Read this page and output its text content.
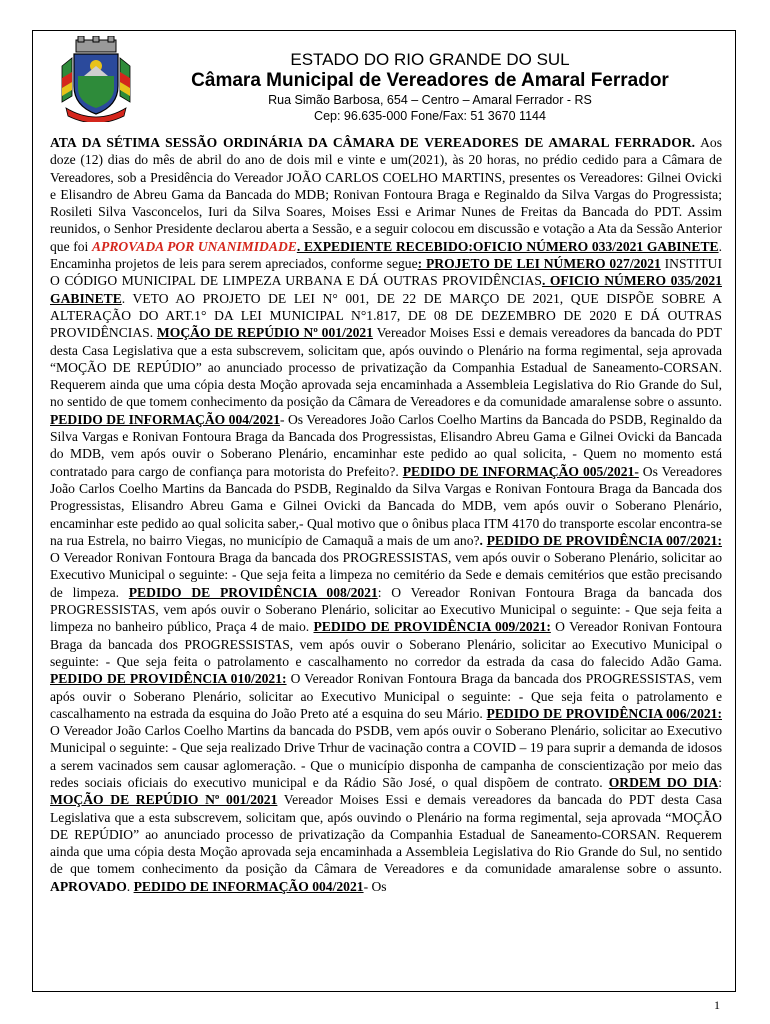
ESTADO DO RIO GRANDE DO SUL
Câmara Municipal de Vereadores de Amaral Ferrador
Rua Simão Barbosa, 654 – Centro – Amaral Ferrador - RS
Cep: 96.635-000 Fone/Fax: 51 3670 1144

ATA DA SÉTIMA SESSÃO ORDINÁRIA DA CÂMARA DE VEREADORES DE AMARAL FERRADOR. Aos doze (12) dias do mês de abril do ano de dois mil e vinte e um(2021), às 20 horas, no prédio cedido para a Câmara de Vereadores, sob a Presidência do Vereador JOÃO CARLOS COELHO MARTINS, presentes os Vereadores: Gilnei Ovicki e Elisandro de Abreu Gama da Bancada do MDB; Ronivan Fontoura Braga e Reginaldo da Silva Vargas do Progressista; Rosileti Silva Vasconcelos, Iuri da Silva Soares, Moises Essi e Arimar Nunes de Freitas da Bancada do PDT. Assim reunidos, o Senhor Presidente declarou aberta a Sessão, e a seguir colocou em discussão e votação a Ata da Sessão Anterior que foi APROVADA POR UNANIMIDADE. EXPEDIENTE RECEBIDO:OFICIO NÚMERO 033/2021 GABINETE. Encaminha projetos de leis para serem apreciados, conforme segue: PROJETO DE LEI NÚMERO 027/2021 INSTITUI O CÓDIGO MUNICIPAL DE LIMPEZA URBANA E DÁ OUTRAS PROVIDÊNCIAS. OFICIO NÚMERO 035/2021 GABINETE. VETO AO PROJETO DE LEI N° 001, DE 22 DE MARÇO DE 2021, QUE DISPÕE SOBRE A ALTERAÇÃO DO ART.1° DA LEI MUNICIPAL N°1.817, DE 08 DE DEZEMBRO DE 2020 E DÁ OUTRAS PROVIDÊNCIAS. MOÇÃO DE REPÚDIO Nº 001/2021 Vereador Moises Essi e demais vereadores da bancada do PDT desta Casa Legislativa que a esta subscrevem, solicitam que, após ouvindo o Plenário na forma regimental, seja aprovada “MOÇÃO DE REPÚDIO” ao anunciado processo de privatização da Companhia Estadual de Saneamento-CORSAN. Requerem ainda que uma cópia desta Moção aprovada seja encaminhada a Assembleia Legislativa do Rio Grande do Sul, no sentido de que tomem conhecimento da posição da Câmara de Vereadores e da comunidade amaralense sobre o assunto. PEDIDO DE INFORMAÇÃO 004/2021- Os Vereadores João Carlos Coelho Martins da Bancada do PSDB, Reginaldo da Silva Vargas e Ronivan Fontoura Braga da Bancada dos Progressistas, Elisandro Abreu Gama e Gilnei Ovicki da Bancada do MDB, vem após ouvir o Soberano Plenário, encaminhar este pedido ao qual solicita, - Quem no momento está contratado para cargo de confiança para motorista do Prefeito?. PEDIDO DE INFORMAÇÃO 005/2021- Os Vereadores João Carlos Coelho Martins da Bancada do PSDB, Reginaldo da Silva Vargas e Ronivan Fontoura Braga da Bancada dos Progressistas, Elisandro Abreu Gama e Gilnei Ovicki da Bancada do MDB, vem após ouvir o Soberano Plenário, encaminhar este pedido ao qual solicita saber,- Qual motivo que o ônibus placa ITM 4170 do transporte escolar encontra-se na rua Estrela, no bairro Viegas, no município de Camaquã a mais de um ano?. PEDIDO DE PROVIDÊNCIA 007/2021: O Vereador Ronivan Fontoura Braga da bancada dos PROGRESSISTAS, vem após ouvir o Soberano Plenário, solicitar ao Executivo Municipal o seguinte: - Que seja feita a limpeza no cemitério da Sede e demais cemitérios que estão precisando de limpeza. PEDIDO DE PROVIDÊNCIA 008/2021: O Vereador Ronivan Fontoura Braga da bancada dos PROGRESSISTAS, vem após ouvir o Soberano Plenário, solicitar ao Executivo Municipal o seguinte: - Que seja feita a limpeza no banheiro público, Praça 4 de maio. PEDIDO DE PROVIDÊNCIA 009/2021: O Vereador Ronivan Fontoura Braga da bancada dos PROGRESSISTAS, vem após ouvir o Soberano Plenário, solicitar ao Executivo Municipal o seguinte: - Que seja feita o patrolamento e cascalhamento no corredor da estrada da casa do falecido Adão Gama. PEDIDO DE PROVIDÊNCIA 010/2021: O Vereador Ronivan Fontoura Braga da bancada dos PROGRESSISTAS, vem após ouvir o Soberano Plenário, solicitar ao Executivo Municipal o seguinte: - Que seja feita o patrolamento e cascalhamento na estrada da esquina do João Preto até a esquina do seu Mário. PEDIDO DE PROVIDÊNCIA 006/2021: O Vereador João Carlos Coelho Martins da bancada do PSDB, vem após ouvir o Soberano Plenário, solicitar ao Executivo Municipal o seguinte: - Que seja realizado Drive Trhur de vacinação contra a COVID – 19 para suprir a demanda de idosos a serem vacinados sem causar aglomeração. - Que o município disponha de campanha de conscientização por meio das redes sociais oficiais do executivo municipal e da Rádio São José, o qual dispõem de contrato. ORDEM DO DIA: MOÇÃO DE REPÚDIO Nº 001/2021 Vereador Moises Essi e demais vereadores da bancada do PDT desta Casa Legislativa que a esta subscrevem, solicitam que, após ouvindo o Plenário na forma regimental, seja aprovada “MOÇÃO DE REPÚDIO” ao anunciado processo de privatização da Companhia Estadual de Saneamento-CORSAN. Requerem ainda que uma cópia desta Moção aprovada seja encaminhada a Assembleia Legislativa do Rio Grande do Sul, no sentido de que tomem conhecimento da posição da Câmara de Vereadores e da comunidade amaralense sobre o assunto. APROVADO. PEDIDO DE INFORMAÇÃO 004/2021- Os

1
